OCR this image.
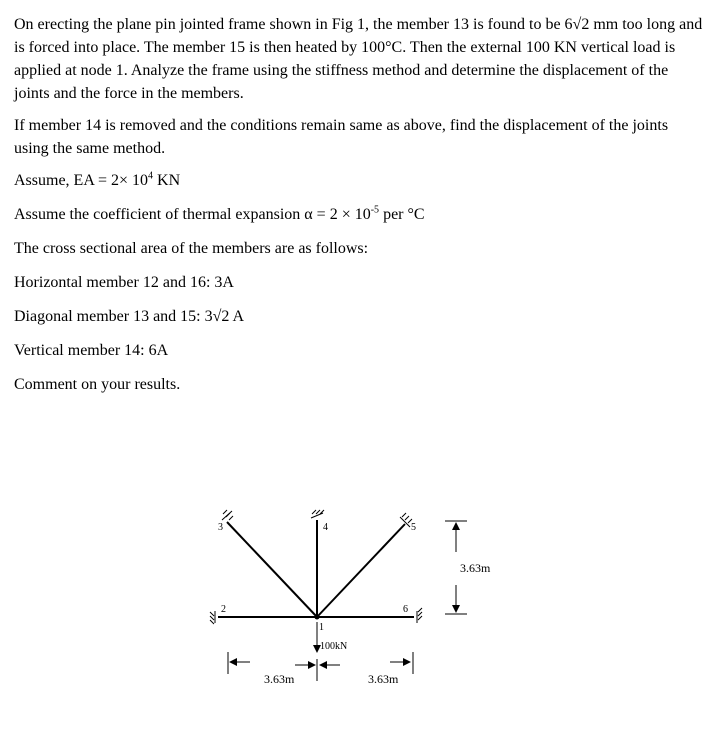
On erecting the plane pin jointed frame shown in Fig 1, the member 13 is found to be 6√2 mm too long and is forced into place. The member 15 is then heated by 100°C. Then the external 100 KN vertical load is applied at node 1. Analyze the frame using the stiffness method and determine the displacement of the joints and the force in the members.

If member 14 is removed and the conditions remain same as above, find the displacement of the joints using the same method.

Assume, EA = $2\times 10^4$ KN

Assume the coefficient of thermal expansion $\alpha = 2 \times 10^{-5}$ per °C

The cross sectional area of the members are as follows:

Horizontal member 12 and 16: 3A

Diagonal member 13 and 15: 3√2 A

Vertical member 14: 6A

Comment on your results.

3	4	5
2	6
1
100kN
3.63m
3.63m	3.63m
